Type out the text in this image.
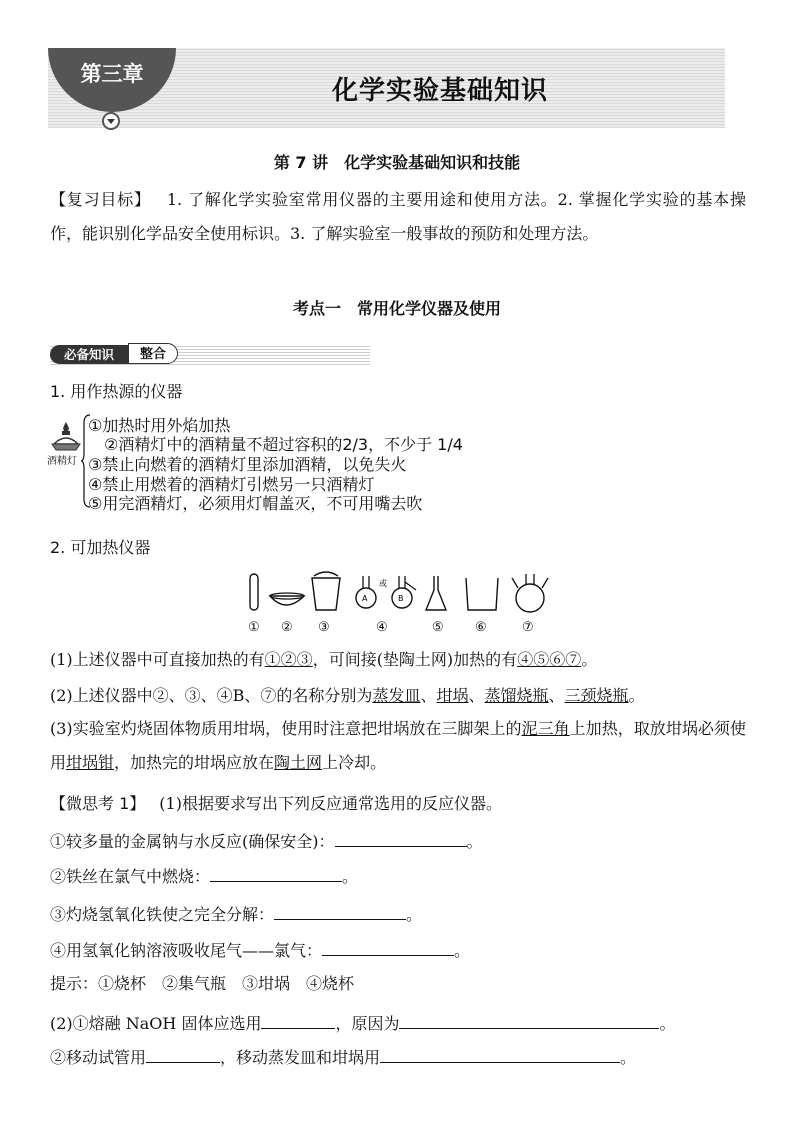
第三章
化学实验基础知识
第 7 讲　化学实验基础知识和技能
【复习目标】 1. 了解化学实验室常用仪器的主要用途和使用方法。2. 掌握化学实验的基本操作，能识别化学品安全使用标识。3. 了解实验室一般事故的预防和处理方法。
考点一　常用化学仪器及使用
必备知识	整合
1. 用作热源的仪器
酒精灯
①加热时用外焰加热
②酒精灯中的酒精量不超过容积的2/3，不少于 1/4
③禁止向燃着的酒精灯里添加酒精，以免失火
④禁止用燃着的酒精灯引燃另一只酒精灯
⑤用完酒精灯，必须用灯帽盖灭，不可用嘴去吹
2. 可加热仪器
A	B
或
① ② ③	④	⑤ ⑥	⑦
(1)上述仪器中可直接加热的有①②③，可间接(垫陶土网)加热的有④⑤⑥⑦。
(2)上述仪器中②、③、④B、⑦的名称分别为蒸发皿、坩埚、蒸馏烧瓶、三颈烧瓶。
(3)实验室灼烧固体物质用坩埚，使用时注意把坩埚放在三脚架上的泥三角上加热，取放坩埚必须使用坩埚钳，加热完的坩埚应放在陶土网上冷却。
【微思考 1】 (1)根据要求写出下列反应通常选用的反应仪器。
①较多量的金属钠与水反应(确保安全)：	。
②铁丝在氯气中燃烧：	。
③灼烧氢氧化铁使之完全分解：	。
④用氢氧化钠溶液吸收尾气——氯气：	。
提示：①烧杯　②集气瓶　③坩埚　④烧杯
(2)①熔融 NaOH 固体应选用	，原因为	。
②移动试管用	，移动蒸发皿和坩埚用	。
